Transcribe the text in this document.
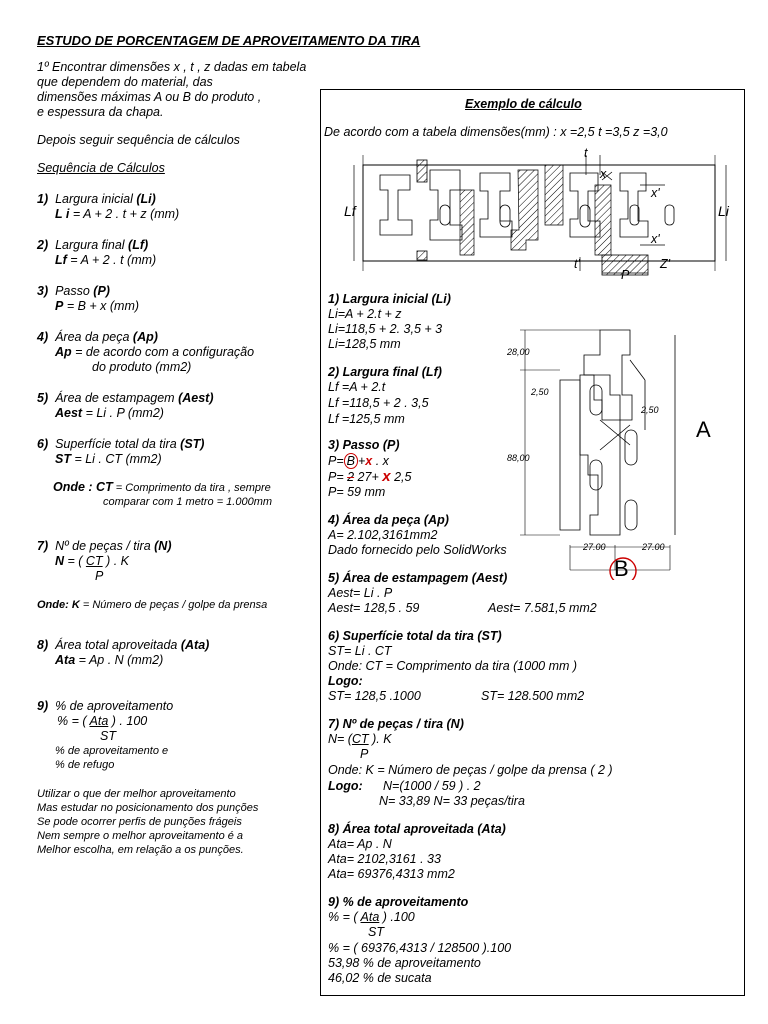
ESTUDO DE PORCENTAGEM DE APROVEITAMENTO DA TIRA
1º Encontrar dimensões x , t , z dadas em tabela
que dependem do material, das
dimensões máximas A ou B do produto ,
e espessura da chapa.
Depois seguir sequência de cálculos
Sequência de Cálculos
1) Largura inicial (Li)
L i = A + 2 . t + z (mm)
2) Largura final (Lf)
Lf = A + 2 . t (mm)
3) Passo (P)
P = B + x (mm)
4) Área da peça (Ap)
Ap = de acordo com a configuração
do produto (mm2)
5) Área de estampagem (Aest)
Aest = Li . P (mm2)
6) Superfície total da tira (ST)
ST = Li . CT (mm2)
Onde : CT = Comprimento da tira , sempre
comparar com 1 metro = 1.000mm
7) Nº de peças / tira (N)
N = ( CT ) . K
P
Onde: K = Número de peças / golpe da prensa
8) Área total aproveitada (Ata)
Ata = Ap . N (mm2)
9) % de aproveitamento
% = ( Ata ) . 100
ST
% de aproveitamento e
% de refugo
Utilizar o que der melhor aproveitamento
Mas estudar no posicionamento dos punções
Se pode ocorrer perfis de punções frágeis
Nem sempre o melhor aproveitamento é a
Melhor escolha, em relação a os punções.
Exemplo de cálculo
De acordo com a tabela dimensões(mm) : x =2,5 t =3,5 z =3,0
Lf	Li
t
x
x'
x'
t'
P
Z'
28,00
2,50
2,50
88,00
A
27.00	27.00
B
1) Largura inicial (Li)
Li=A + 2.t + z
Li=118,5 + 2. 3,5 + 3
Li=128,5 mm
2) Largura final (Lf)
Lf =A + 2.t
Lf =118,5 + 2 . 3,5
Lf =125,5 mm
3) Passo (P)
P= B +x . x
P= 2 27+ x 2,5
P= 59 mm
4) Área da peça (Ap)
A= 2.102,3161mm2
Dado fornecido pelo SolidWorks
5) Área de estampagem (Aest)
Aest= Li . P
Aest= 128,5 . 59	Aest= 7.581,5 mm2
6) Superfície total da tira (ST)
ST= Li . CT
Onde: CT = Comprimento da tira (1000 mm )
Logo:
ST= 128,5 .1000	ST= 128.500 mm2
7) Nº de peças / tira (N)
N= (CT ). K
P
Onde: K = Número de peças / golpe da prensa ( 2 )
Logo: N=(1000 / 59 ) . 2
N= 33,89 N= 33 peças/tira
8) Área total aproveitada (Ata)
Ata= Ap . N
Ata= 2102,3161 . 33
Ata= 69376,4313 mm2
9) % de aproveitamento
% = ( Ata ) .100
ST
% = ( 69376,4313 / 128500 ).100
53,98 % de aproveitamento
46,02 % de sucata
